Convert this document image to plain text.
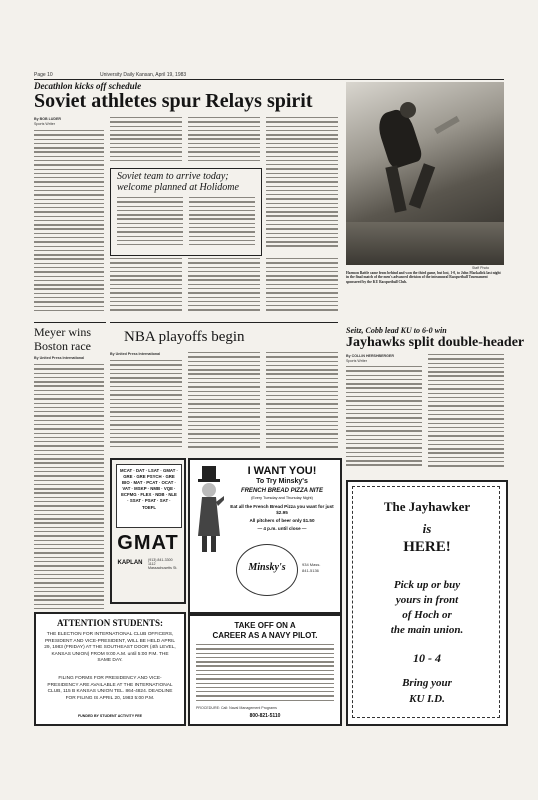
Page 10	University Daily Kansan, April 19, 1983
Decathlon kicks off schedule
Soviet athletes spur Relays spirit
By BOB LUDER
Sports Writer
Soviet team to arrive today;
welcome planned at Holidome
Staff Photo
Harmon Battle came from behind and won the third game, but lost, 1-0, to John Mackalick last night in the final match of the men's advanced division of the intramural Racquetball Tournament sponsored by the KU Racquetball Club.
Meyer wins
Boston race
By United Press International
NBA playoffs begin
By United Press International
Seitz, Cobb lead KU to 6-0 win
Jayhawks split double-header
By COLLIN HERSHBERGER
Sports Writer
MCAT · DAT · LSAT · GMAT · GRE · GRE PSYCH · GRE BIO · MAT · PCAT · OCAT · VAT · MSKP · NMB · VQE · ECFMG · FLEX · NDB · NLE · SSAT · PSAT · SAT · TOEFL
GMAT
KAPLAN	(913) 841-3300
1112 Massachusetts St.
I WANT YOU!
To Try Minsky's
FRENCH BREAD PIZZA NITE
(Every Tuesday and Thursday Night)
Eat all the French Bread Pizza you want for just $2.95
All pitchers of beer only $1.50
— 4 p.m. until close —
Minsky's	934 Mass.
841-5136
TAKE OFF ON A
CAREER AS A NAVY PILOT.
PROCEDURE: Call: Naval Management Programs
800-821-5110
ATTENTION STUDENTS:
THE ELECTION FOR INTERNATIONAL CLUB OFFICERS, PRESIDENT AND VICE-PRESIDENT, WILL BE HELD APRIL 29, 1983 (FRIDAY) AT THE SOUTHEAST DOOR (4th LEVEL, KANSAS UNION) FROM 9:00 A.M. until 5:00 P.M. THE SAME DAY.
FILING FORMS FOR PRESIDENCY AND VICE-PRESIDENCY ARE AVAILABLE AT THE INTERNATIONAL CLUB, 115 B KANSAS UNION TEL. 864-4824. DEADLINE FOR FILING IS APRIL 20, 1983 5:00 P.M.
FUNDED BY STUDENT ACTIVITY FEE
The Jayhawker
is
HERE!
Pick up or buy
yours in front
of Hoch or
the main union.
10 - 4
Bring your
KU I.D.
